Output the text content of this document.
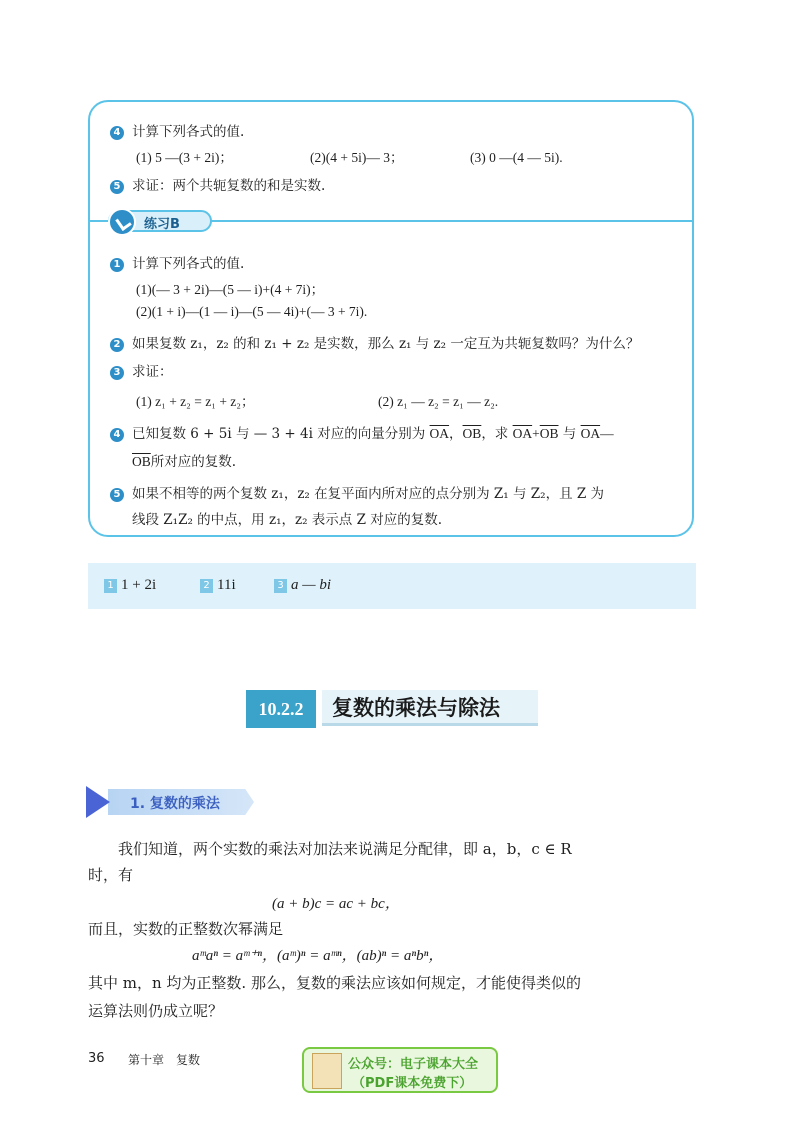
4 计算下列各式的值.
(1) 5 —(3 + 2i)；	(2)(4 + 5i)— 3；	(3) 0 —(4 — 5i).
5 求证：两个共轭复数的和是实数.
练习B
1 计算下列各式的值.
(1)(— 3 + 2i)—(5 — i)+(4 + 7i)；
(2)(1 + i)—(1 — i)—(5 — 4i)+(— 3 + 7i).
2 如果复数 z₁，z₂ 的和 z₁ + z₂ 是实数，那么 z₁ 与 z₂ 一定互为共轭复数吗？为什么？
3 求证：
(1) z₁ + z₂ = z₁ + z₂；	(2) z₁ — z₂ = z₁ — z₂.
4 已知复数 6 + 5i 与 — 3 + 4i 对应的向量分别为 $\overline{OA}$，$\overline{OB}$，求 $\overline{OA}+\overline{OB}$ 与 $\overline{OA}—$
$\overline{OB}$所对应的复数.
5 如果不相等的两个复数 z₁，z₂ 在复平面内所对应的点分别为 Z₁ 与 Z₂，且 Z 为
线段 Z₁Z₂ 的中点，用 z₁，z₂ 表示点 Z 对应的复数.
1 1 + 2i	2 11i	3 a — bi
10.2.2	复数的乘法与除法
1. 复数的乘法
我们知道，两个实数的乘法对加法来说满足分配律，即 a，b，c ∈ R
时，有
(a + b)c = ac + bc，
而且，实数的正整数次幂满足
aᵐaⁿ = aᵐ⁺ⁿ，(aᵐ)ⁿ = aᵐⁿ，(ab)ⁿ = aⁿbⁿ，
其中 m，n 均为正整数. 那么，复数的乘法应该如何规定，才能使得类似的
运算法则仍成立呢？
36 第十章　复数	公众号：电子课本大全
（PDF课本免费下）
